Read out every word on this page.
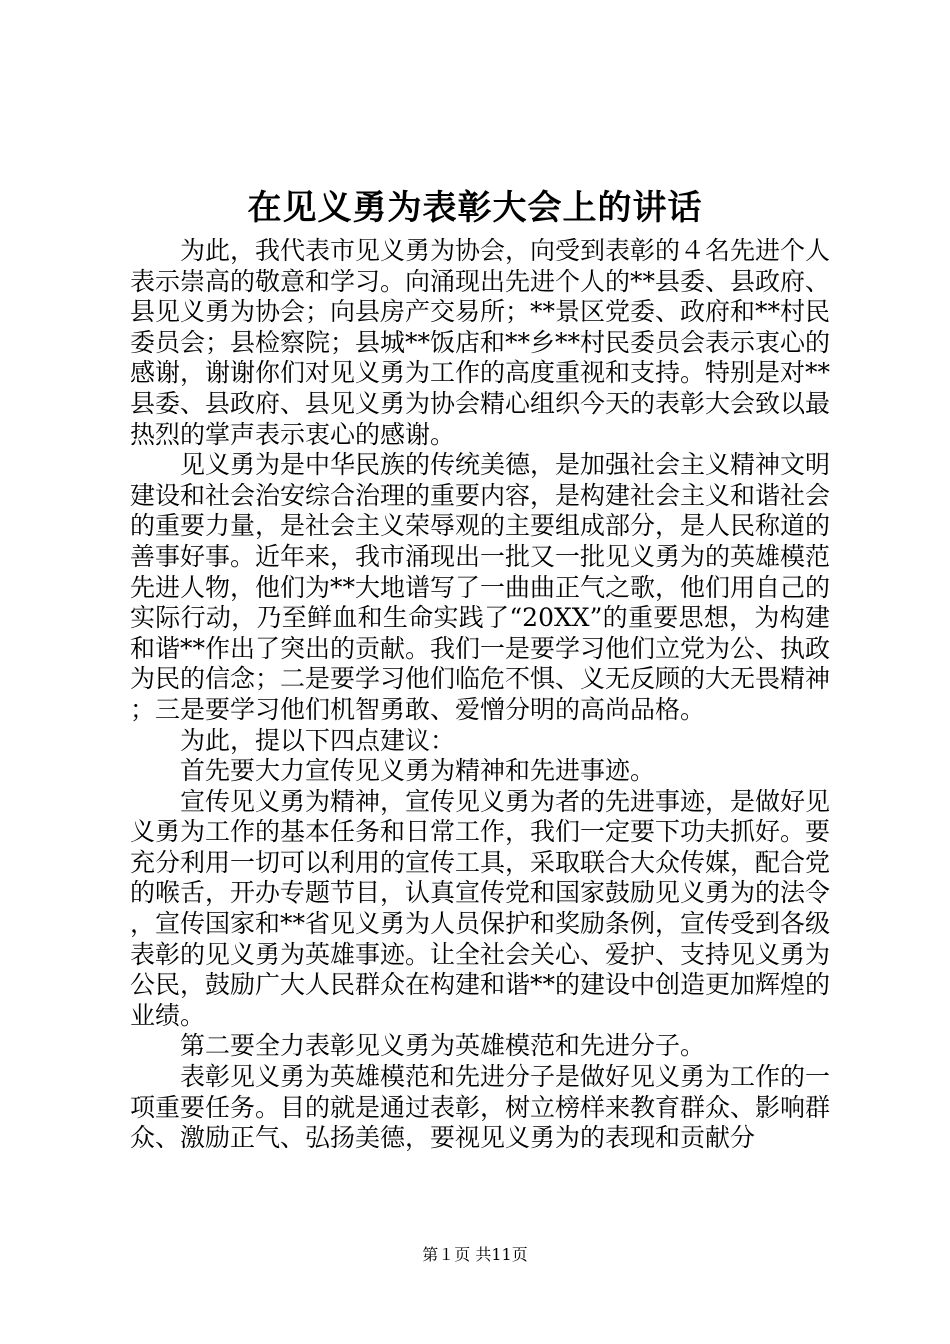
在见义勇为表彰大会上的讲话

为此，我代表市见义勇为协会，向受到表彰的４名先进个人表示崇高的敬意和学习。向涌现出先进个人的**县委、县政府、县见义勇为协会；向县房产交易所；**景区党委、政府和**村民委员会；县检察院；县城**饭店和**乡**村民委员会表示衷心的感谢，谢谢你们对见义勇为工作的高度重视和支持。特别是对**县委、县政府、县见义勇为协会精心组织今天的表彰大会致以最热烈的掌声表示衷心的感谢。

见义勇为是中华民族的传统美德，是加强社会主义精神文明建设和社会治安综合治理的重要内容，是构建社会主义和谐社会的重要力量，是社会主义荣辱观的主要组成部分，是人民称道的善事好事。近年来，我市涌现出一批又一批见义勇为的英雄模范先进人物，他们为**大地谱写了一曲曲正气之歌，他们用自己的实际行动，乃至鲜血和生命实践了“20XX”的重要思想，为构建和谐**作出了突出的贡献。我们一是要学习他们立党为公、执政为民的信念；二是要学习他们临危不惧、义无反顾的大无畏精神；三是要学习他们机智勇敢、爱憎分明的高尚品格。

为此，提以下四点建议：

首先要大力宣传见义勇为精神和先进事迹。

宣传见义勇为精神，宣传见义勇为者的先进事迹，是做好见义勇为工作的基本任务和日常工作，我们一定要下功夫抓好。要充分利用一切可以利用的宣传工具，采取联合大众传媒，配合党的喉舌，开办专题节目，认真宣传党和国家鼓励见义勇为的法令，宣传国家和**省见义勇为人员保护和奖励条例，宣传受到各级表彰的见义勇为英雄事迹。让全社会关心、爱护、支持见义勇为公民，鼓励广大人民群众在构建和谐**的建设中创造更加辉煌的业绩。

第二要全力表彰见义勇为英雄模范和先进分子。

表彰见义勇为英雄模范和先进分子是做好见义勇为工作的一项重要任务。目的就是通过表彰，树立榜样来教育群众、影响群众、激励正气、弘扬美德，要视见义勇为的表现和贡献分

第１页 共11页
